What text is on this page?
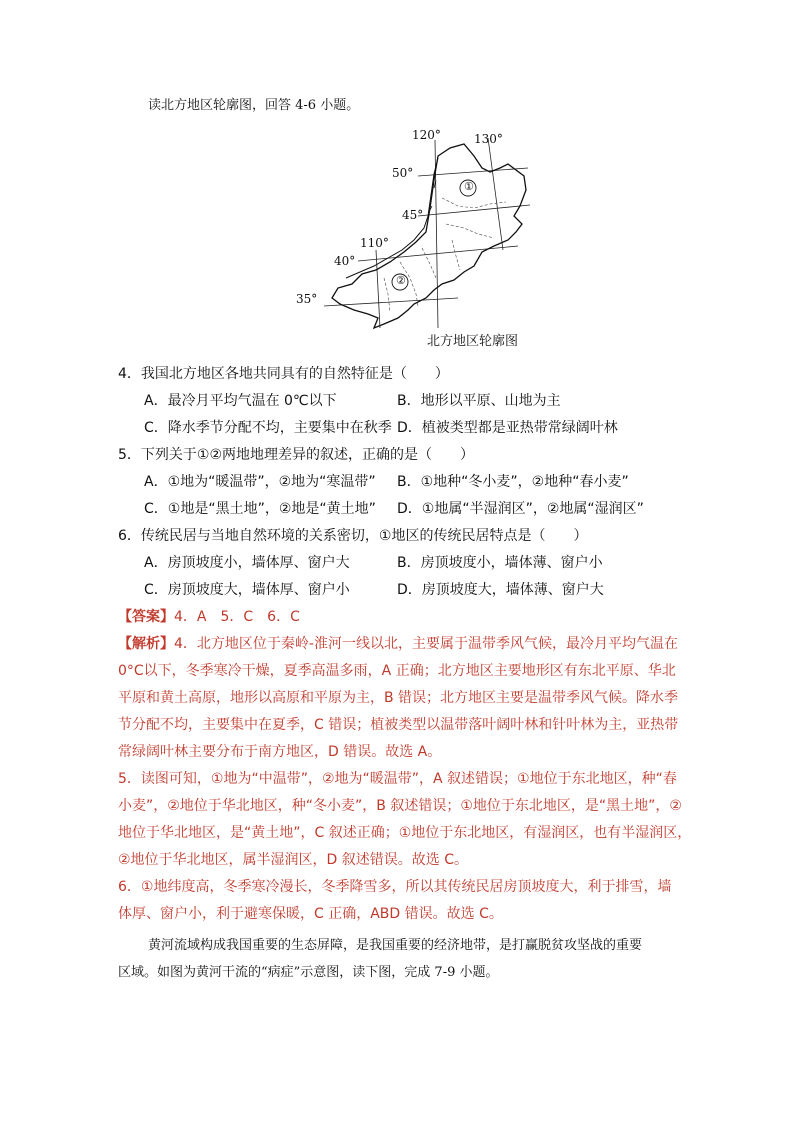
读北方地区轮廓图，回答 4-6 小题。
①
②
120°	130°
50°
45°
110°
40°
35°
北方地区轮廓图
4．我国北方地区各地共同具有的自然特征是（　　）
A．最冷月平均气温在 0℃以下	B．地形以平原、山地为主
C．降水季节分配不均，主要集中在秋季 D．植被类型都是亚热带常绿阔叶林
5．下列关于①②两地地理差异的叙述，正确的是（　　）
A．①地为“暖温带”，②地为“寒温带” B．①地种“冬小麦”，②地种“春小麦”
C．①地是“黑土地”，②地是“黄土地” D．①地属“半湿润区”，②地属“湿润区”
6．传统民居与当地自然环境的关系密切，①地区的传统民居特点是（　　）
A．房顶坡度小，墙体厚、窗户大	B．房顶坡度小，墙体薄、窗户小
C．房顶坡度大，墙体厚、窗户小	D．房顶坡度大，墙体薄、窗户大
【答案】4．A　5．C　6．C
【解析】4．北方地区位于秦岭-淮河一线以北，主要属于温带季风气候，最冷月平均气温在
0°C以下，冬季寒冷干燥，夏季高温多雨，A 正确；北方地区主要地形区有东北平原、华北
平原和黄土高原，地形以高原和平原为主，B 错误；北方地区主要是温带季风气候。降水季
节分配不均，主要集中在夏季，C 错误；植被类型以温带落叶阔叶林和针叶林为主，亚热带
常绿阔叶林主要分布于南方地区，D 错误。故选 A。
5．读图可知，①地为“中温带”，②地为“暖温带”，A 叙述错误；①地位于东北地区，种“春
小麦”，②地位于华北地区，种“冬小麦”，B 叙述错误；①地位于东北地区，是“黑土地”，②
地位于华北地区，是“黄土地”，C 叙述正确；①地位于东北地区，有湿润区，也有半湿润区，
②地位于华北地区，属半湿润区，D 叙述错误。故选 C。
6．①地纬度高，冬季寒冷漫长，冬季降雪多，所以其传统民居房顶坡度大，利于排雪，墙
体厚、窗户小，利于避寒保暖，C 正确，ABD 错误。故选 C。
黄河流域构成我国重要的生态屏障，是我国重要的经济地带，是打赢脱贫攻坚战的重要
区域。如图为黄河干流的“病症”示意图，读下图，完成 7-9 小题。
